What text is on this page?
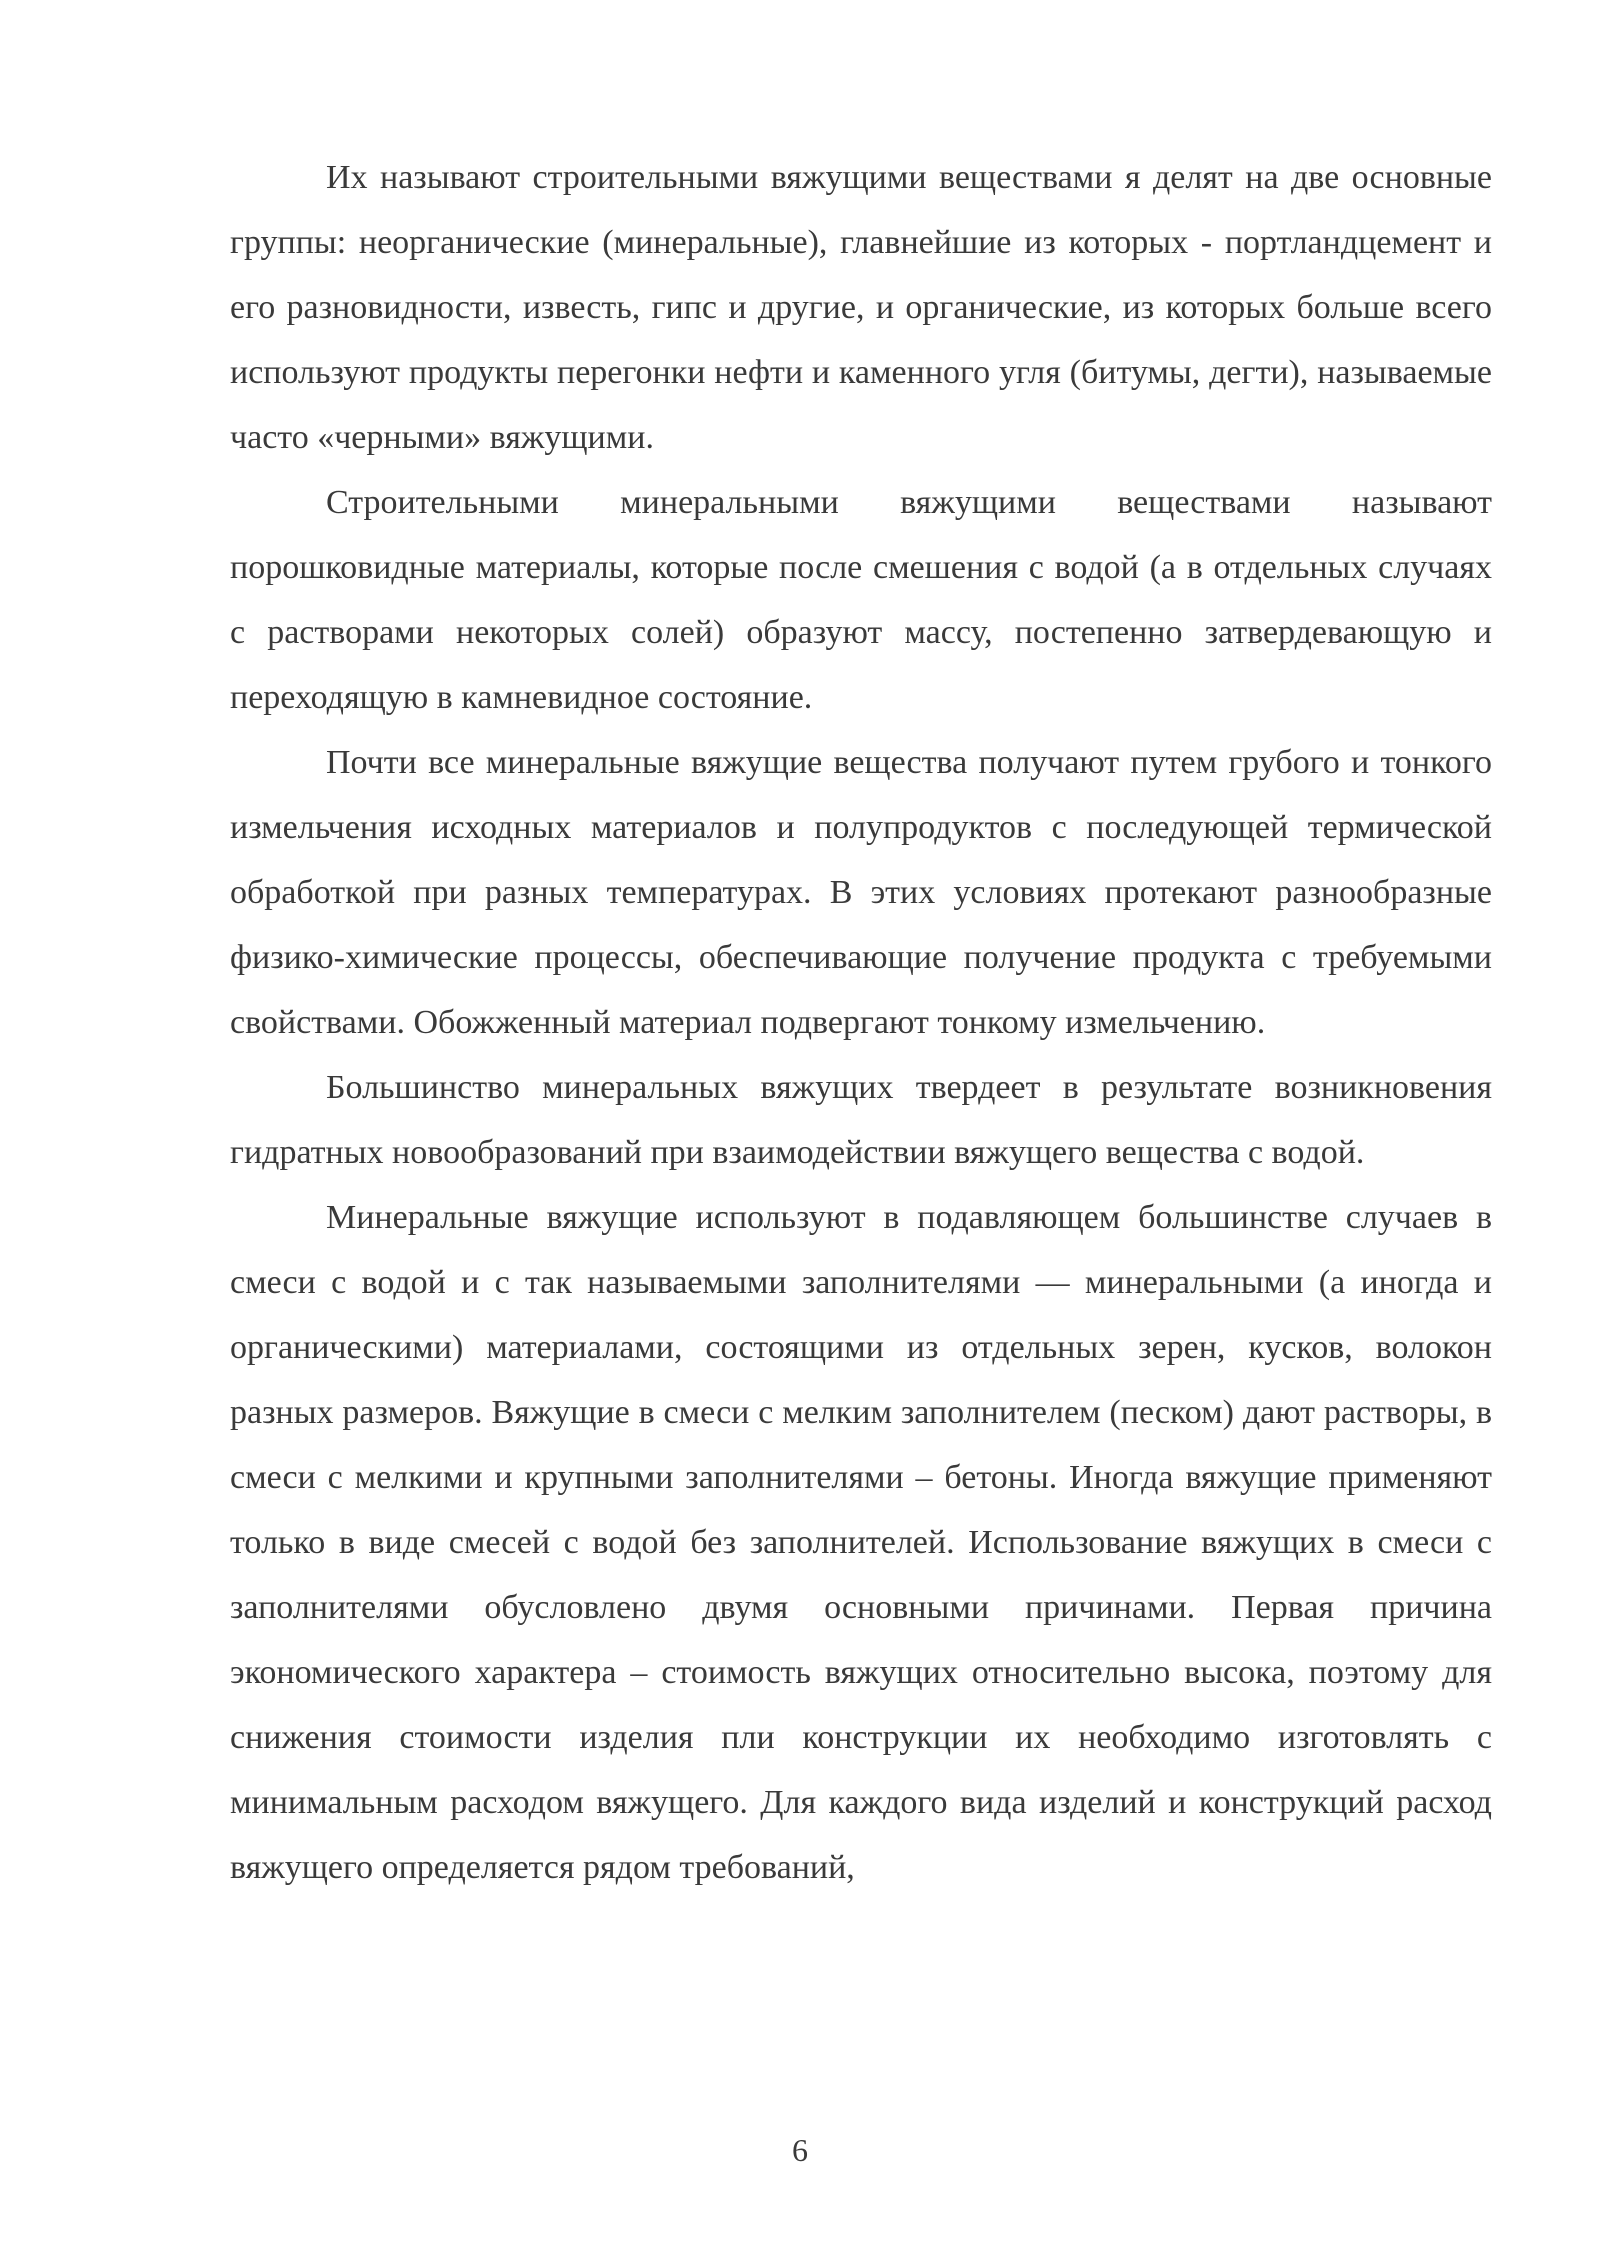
Их называют строительными вяжущими веществами я делят на две основные группы: неорганические (минеральные), главнейшие из которых - портландцемент и его разновидности, известь, гипс и другие, и органические, из которых больше всего используют продукты перегонки нефти и каменного угля (битумы, дегти), называемые часто «черными» вяжущими.

Строительными минеральными вяжущими веществами называют порошковидные материалы, которые после смешения с водой (а в отдельных случаях с растворами некоторых солей) образуют массу, постепенно затвердевающую и переходящую в камневидное состояние.

Почти все минеральные вяжущие вещества получают путем грубого и тонкого измельчения исходных материалов и полупродуктов с последующей термической обработкой при разных температурах. В этих условиях протекают разнообразные физико-химические процессы, обеспечивающие получение продукта с требуемыми свойствами. Обожженный материал подвергают тонкому измельчению.

Большинство минеральных вяжущих твердеет в результате возникновения гидратных новообразований при взаимодействии вяжущего вещества с водой.

Минеральные вяжущие используют в подавляющем большинстве случаев в смеси с водой и с так называемыми заполнителями — минеральными (а иногда и органическими) материалами, состоящими из отдельных зерен, кусков, волокон разных размеров. Вяжущие в смеси с мелким заполнителем (песком) дают растворы, в смеси с мелкими и крупными заполнителями – бетоны. Иногда вяжущие применяют только в виде смесей с водой без заполнителей. Использование вяжущих в смеси с заполнителями обусловлено двумя основными причинами. Первая причина экономического характера – стоимость вяжущих относительно высока, поэтому для снижения стоимости изделия пли конструкции их необходимо изготовлять с минимальным расходом вяжущего. Для каждого вида изделий и конструкций расход вяжущего определяется рядом требований,

6
